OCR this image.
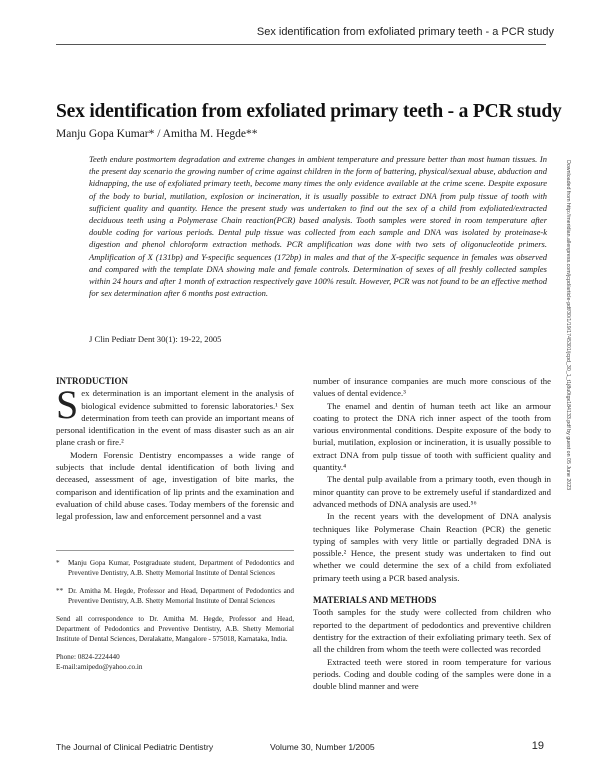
Sex identification from exfoliated primary teeth - a PCR study
Sex identification from exfoliated primary teeth - a PCR study
Manju Gopa Kumar* / Amitha M. Hegde**

Teeth endure postmortem degradation and extreme changes in ambient temperature and pressure better than most human tissues. In the present day scenario the growing number of crime against children in the form of battering, physical/sexual abuse, abduction and kidnapping, the use of exfoliated primary teeth, become many times the only evidence available at the crime scene. Despite exposure of the body to burial, mutilation, explosion or incineration, it is usually possible to extract DNA from pulp tissue of tooth with sufficient quality and quantity. Hence the present study was undertaken to find out the sex of a child from exfoliated/extracted deciduous teeth using a Polymerase Chain reaction(PCR) based analysis. Tooth samples were stored in room temperature after double coding for various periods. Dental pulp tissue was collected from each sample and DNA was isolated by proteinase-k digestion and phenol chloroform extraction methods. PCR amplification was done with two sets of oligonucleotide primers. Amplification of X (131bp) and Y-specific sequences (172bp) in males and that of the X-specific sequence in females was observed and compared with the template DNA showing male and female controls. Determination of sexes of all freshly collected samples within 24 hours and after 1 month of extraction respectively gave 100% result. However, PCR was not found to be an effective method for sex determination after 6 months post extraction.

J Clin Pediatr Dent 30(1): 19-22, 2005	Downloaded from http://meridian.allenpress.com/jcpd/article-pdf/30/1/19/1745301/jcpd_30_1_t1j8u0tgx184133.pdf by guest on 05 June 2023
INTRODUCTION

Sex determination is an important element in the analysis of biological evidence submitted to forensic laboratories.¹ Sex determination from teeth can provide an important means of personal identification in the event of mass disaster such as an air plane crash or fire.²

Modern Forensic Dentistry encompasses a wide range of subjects that include dental identification of both living and deceased, assessment of age, investigation of bite marks, the comparison and identification of lip prints and the examination and evaluation of child abuse cases. Today members of the forensic and legal profession, law and enforcement personnel and a vast

number of insurance companies are much more conscious of the values of dental evidence.³

The enamel and dentin of human teeth act like an armour coating to protect the DNA rich inner aspect of the tooth from various environmental conditions. Despite exposure of the body to burial, mutilation, explosion or incineration, it is usually possible to extract DNA from pulp tissue of tooth with sufficient quality and quantity.⁴

The dental pulp available from a primary tooth, even though in minor quantity can prove to be extremely useful if standardized and advanced methods of DNA analysis are used.⁵⁶

In the recent years with the development of DNA analysis techniques like Polymerase Chain Reaction (PCR) the genetic typing of samples with very little or partially degraded DNA is possible.² Hence, the present study was undertaken to find out whether we could determine the sex of a child from exfoliated primary teeth using a PCR based analysis.

MATERIALS AND METHODS

Tooth samples for the study were collected from children who reported to the department of pedodontics and preventive children dentistry for the extraction of their exfoliating primary teeth. Sex of all the children from whom the teeth were collected was recorded

Extracted teeth were stored in room temperature for various periods. Coding and double coding of the samples were done in a double blind manner and were

* Manju Gopa Kumar, Postgraduate student, Department of Pedodontics and Preventive Dentistry, A.B. Shetty Memorial Institute of Dental Sciences
** Dr. Amitha M. Hegde, Professor and Head, Department of Pedodontics and Preventive Dentistry, A.B. Shetty Memorial Institute of Dental Sciences
Send all correspondence to Dr. Amitha M. Hegde, Professor and Head, Department of Pedodontics and Preventive Dentistry, A.B. Shetty Memorial Institute of Dental Sciences, Deralakatte, Mangalore - 575018, Karnataka, India.
Phone: 0824-2224440
E-mail:amipedo@yahoo.co.in
The Journal of Clinical Pediatric Dentistry	Volume 30, Number 1/2005	19
